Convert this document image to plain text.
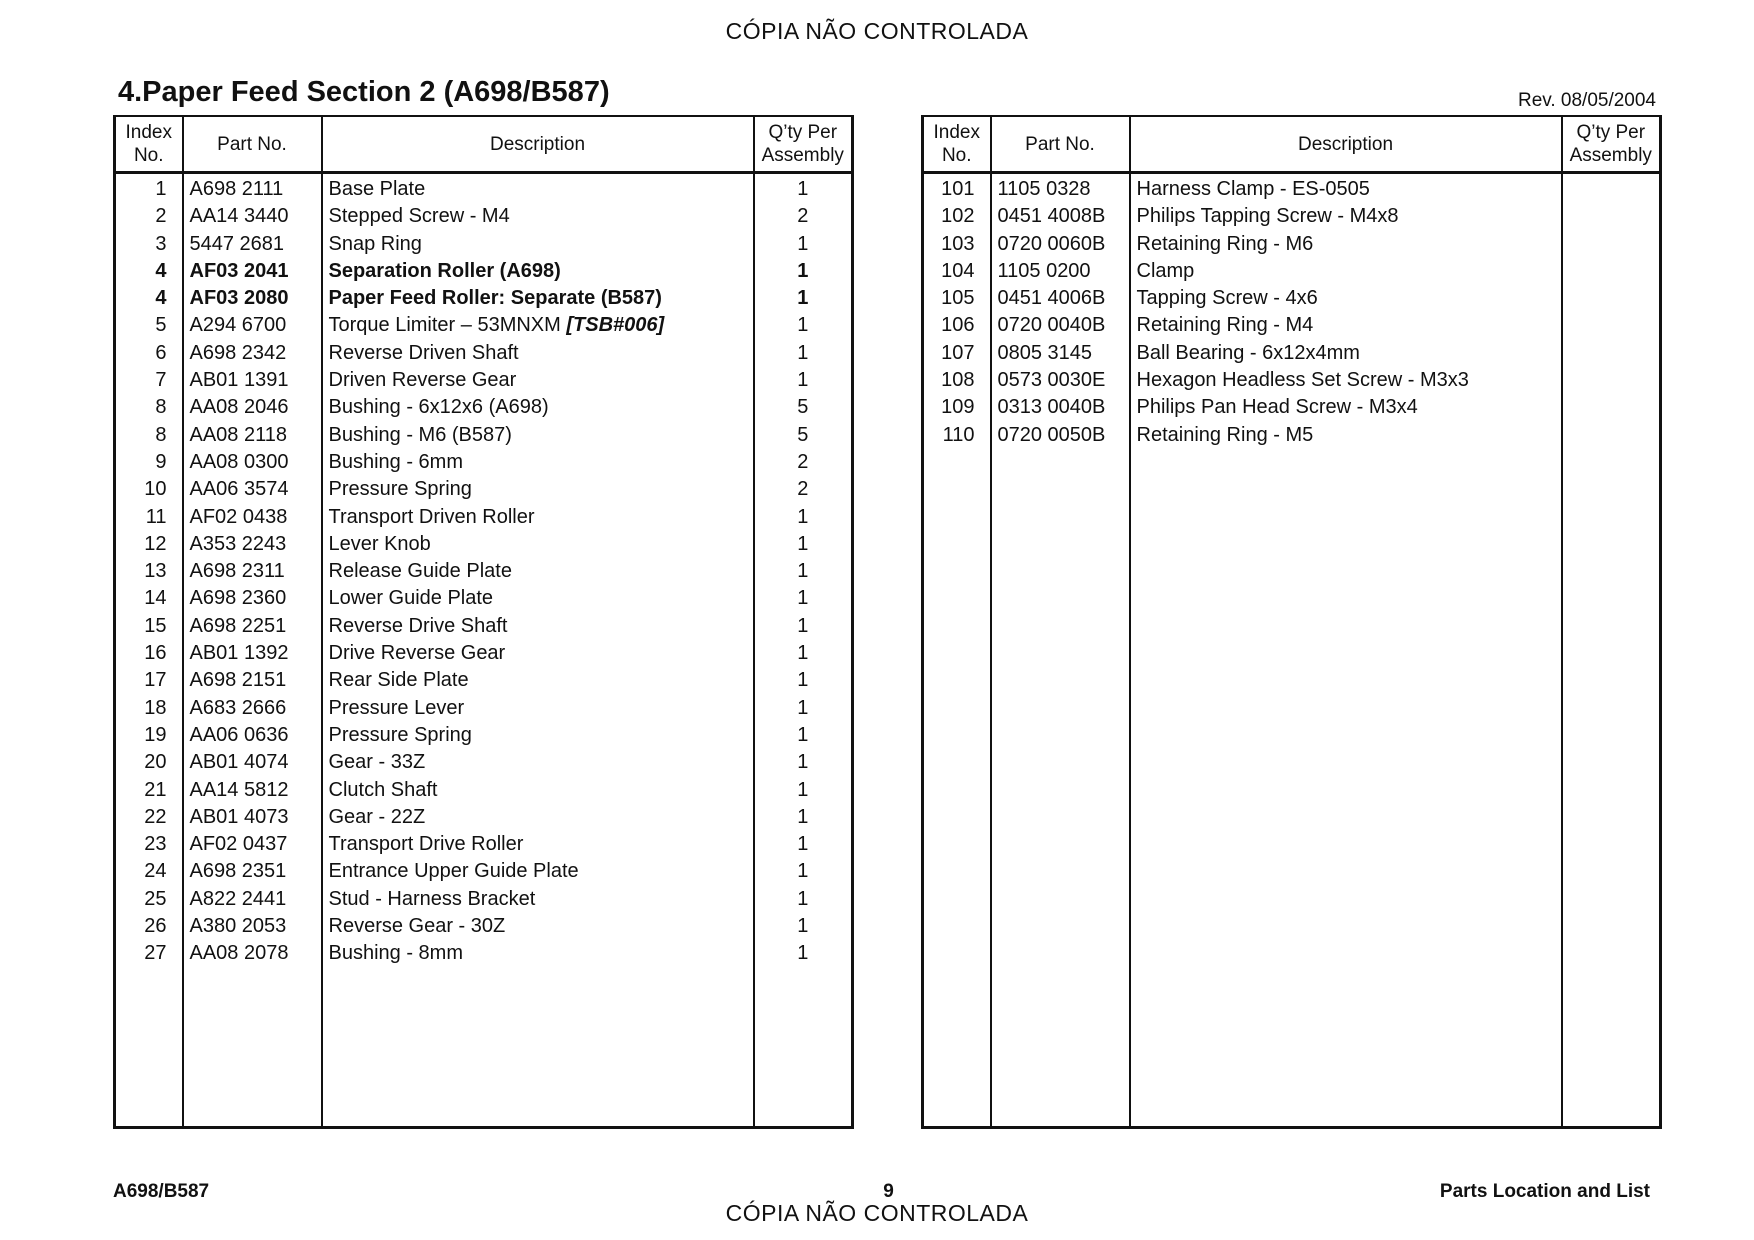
CÓPIA NÃO CONTROLADA
4.Paper Feed Section 2 (A698/B587)	Rev. 08/05/2004
Index
No.	Part No.	Description	Q’ty Per
Assembly
1	A698 2111	Base Plate	1
2	AA14 3440	Stepped Screw - M4	2
3	5447 2681	Snap Ring	1
4	AF03 2041	Separation Roller (A698)	1
4	AF03 2080	Paper Feed Roller: Separate (B587)	1
5	A294 6700	Torque Limiter – 53MNXM [TSB#006]	1
6	A698 2342	Reverse Driven Shaft	1
7	AB01 1391	Driven Reverse Gear	1
8	AA08 2046	Bushing - 6x12x6 (A698)	5
8	AA08 2118	Bushing - M6 (B587)	5
9	AA08 0300	Bushing - 6mm	2
10	AA06 3574	Pressure Spring	2
11	AF02 0438	Transport Driven Roller	1
12	A353 2243	Lever Knob	1
13	A698 2311	Release Guide Plate	1
14	A698 2360	Lower Guide Plate	1
15	A698 2251	Reverse Drive Shaft	1
16	AB01 1392	Drive Reverse Gear	1
17	A698 2151	Rear Side Plate	1
18	A683 2666	Pressure Lever	1
19	AA06 0636	Pressure Spring	1
20	AB01 4074	Gear - 33Z	1
21	AA14 5812	Clutch Shaft	1
22	AB01 4073	Gear - 22Z	1
23	AF02 0437	Transport Drive Roller	1
24	A698 2351	Entrance Upper Guide Plate	1
25	A822 2441	Stud - Harness Bracket	1
26	A380 2053	Reverse Gear - 30Z	1
27	AA08 2078	Bushing - 8mm	1

Index
No.	Part No.	Description	Q’ty Per
Assembly
101	1105 0328	Harness Clamp - ES-0505	
102	0451 4008B	Philips Tapping Screw - M4x8	
103	0720 0060B	Retaining Ring - M6	
104	1105 0200	Clamp	
105	0451 4006B	Tapping Screw - 4x6	
106	0720 0040B	Retaining Ring - M4	
107	0805 3145	Ball Bearing - 6x12x4mm	
108	0573 0030E	Hexagon Headless Set Screw - M3x3	
109	0313 0040B	Philips Pan Head Screw - M3x4	
110	0720 0050B	Retaining Ring - M5	

A698/B587	9	Parts Location and List
CÓPIA NÃO CONTROLADA
